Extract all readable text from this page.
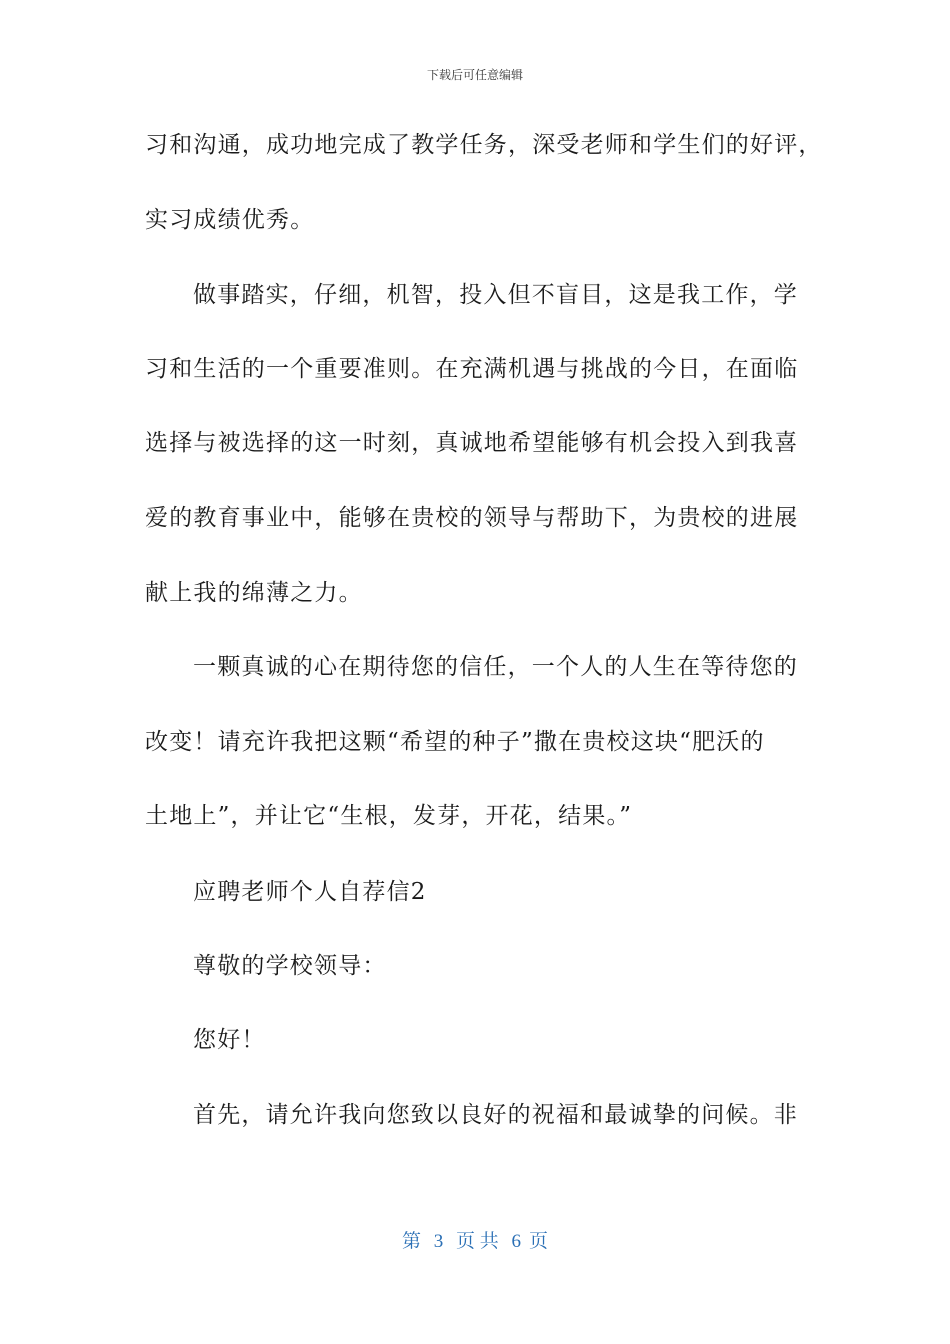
下载后可任意编辑
习和沟通，成功地完成了教学任务，深受老师和学生们的好评，
实习成绩优秀。
做事踏实，仔细，机智，投入但不盲目，这是我工作，学
习和生活的一个重要准则。在充满机遇与挑战的今日，在面临
选择与被选择的这一时刻，真诚地希望能够有机会投入到我喜
爱的教育事业中，能够在贵校的领导与帮助下，为贵校的进展
献上我的绵薄之力。
一颗真诚的心在期待您的信任，一个人的人生在等待您的
改变！请充许我把这颗“希望的种子”撒在贵校这块“肥沃的
土地上”，并让它“生根，发芽，开花，结果。”
应聘老师个人自荐信2
尊敬的学校领导：
您好！
首先，请允许我向您致以良好的祝福和最诚挚的问候。非
第 3 页 共 6 页
